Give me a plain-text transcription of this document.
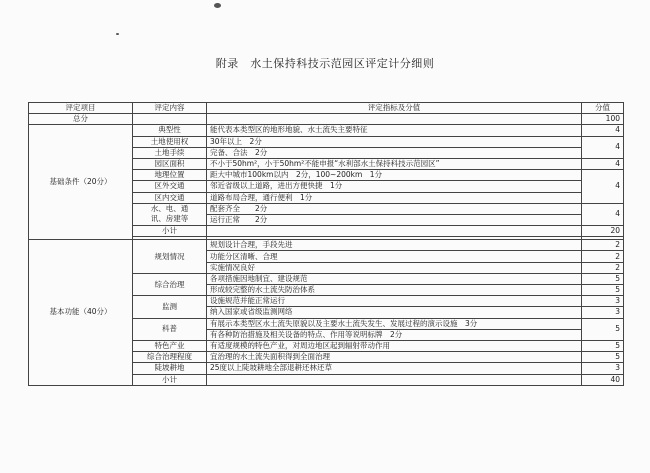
附录　水土保持科技示范园区评定计分细则
评定项目	评定内容	评定指标及分值	分值
总分			100
基础条件（20分）	典型性	能代表本类型区的地形地貌、水土流失主要特征	4
	土地使用权	30年以上　2分	4
	土地手续	完备、合法　2分	
	园区面积	不小于50hm²，小于50hm²不能申报“水利部水土保持科技示范园区”	4
	地理位置	距大中城市100km以内　2分，100~200km　1分	4
	区外交通	邻近省级以上道路，进出方便快捷　1分	
	区内交通	道路布局合理，通行便利　1分	
	水、电、通
讯、房建等	配套齐全　　2分	4
		运行正常　　2分	
	小计		20

基本功能（40分）	规划情况	规划设计合理，手段先进	2
		功能分区清晰、合理	2
		实施情况良好	2
	综合治理	各项措施因地制宜、建设规范	5
		形成较完整的水土流失防治体系	5
	监测	设施规范并能正常运行	3
		纳入国家或省级监测网络	3
	科普	有展示本类型区水土流失原貌以及主要水土流失发生、发展过程的演示设施　3分	5
		有各种防治措施及相关设备的特点、作用等说明标牌　2分	
	特色产业	有适度规模的特色产业，对周边地区起到辐射带动作用	5
	综合治理程度	宜治理的水土流失面积得到全面治理	5
	陡坡耕地	25度以上陡坡耕地全部退耕还林还草	3
	小计		40
